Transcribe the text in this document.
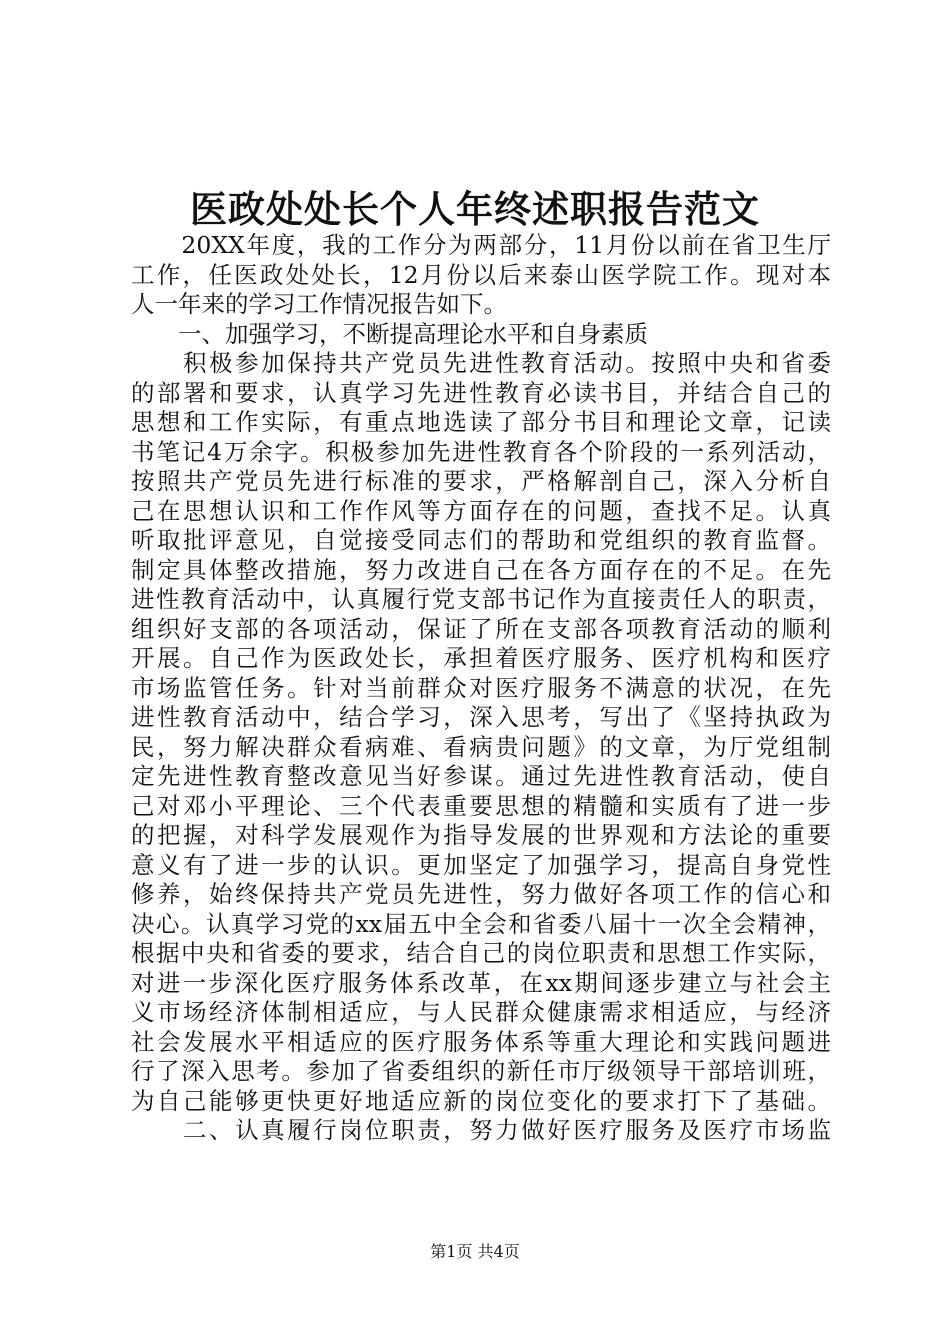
医政处处长个人年终述职报告范文
　　20XX年度，我的工作分为两部分，11月份以前在省卫生厅
工作，任医政处处长，12月份以后来泰山医学院工作。现对本
人一年来的学习工作情况报告如下。
　　一、加强学习，不断提高理论水平和自身素质
　　积极参加保持共产党员先进性教育活动。按照中央和省委
的部署和要求，认真学习先进性教育必读书目，并结合自己的
思想和工作实际，有重点地选读了部分书目和理论文章，记读
书笔记4万余字。积极参加先进性教育各个阶段的一系列活动，
按照共产党员先进行标准的要求，严格解剖自己，深入分析自
己在思想认识和工作作风等方面存在的问题，查找不足。认真
听取批评意见，自觉接受同志们的帮助和党组织的教育监督。
制定具体整改措施，努力改进自己在各方面存在的不足。在先
进性教育活动中，认真履行党支部书记作为直接责任人的职责，
组织好支部的各项活动，保证了所在支部各项教育活动的顺利
开展。自己作为医政处长，承担着医疗服务、医疗机构和医疗
市场监管任务。针对当前群众对医疗服务不满意的状况，在先
进性教育活动中，结合学习，深入思考，写出了《坚持执政为
民，努力解决群众看病难、看病贵问题》的文章，为厅党组制
定先进性教育整改意见当好参谋。通过先进性教育活动，使自
己对邓小平理论、三个代表重要思想的精髓和实质有了进一步
的把握，对科学发展观作为指导发展的世界观和方法论的重要
意义有了进一步的认识。更加坚定了加强学习，提高自身党性
修养，始终保持共产党员先进性，努力做好各项工作的信心和
决心。认真学习党的xx届五中全会和省委八届十一次全会精神，
根据中央和省委的要求，结合自己的岗位职责和思想工作实际，
对进一步深化医疗服务体系改革，在xx期间逐步建立与社会主
义市场经济体制相适应，与人民群众健康需求相适应，与经济
社会发展水平相适应的医疗服务体系等重大理论和实践问题进
行了深入思考。参加了省委组织的新任市厅级领导干部培训班，
为自己能够更快更好地适应新的岗位变化的要求打下了基础。
　　二、认真履行岗位职责，努力做好医疗服务及医疗市场监
第1页 共4页
